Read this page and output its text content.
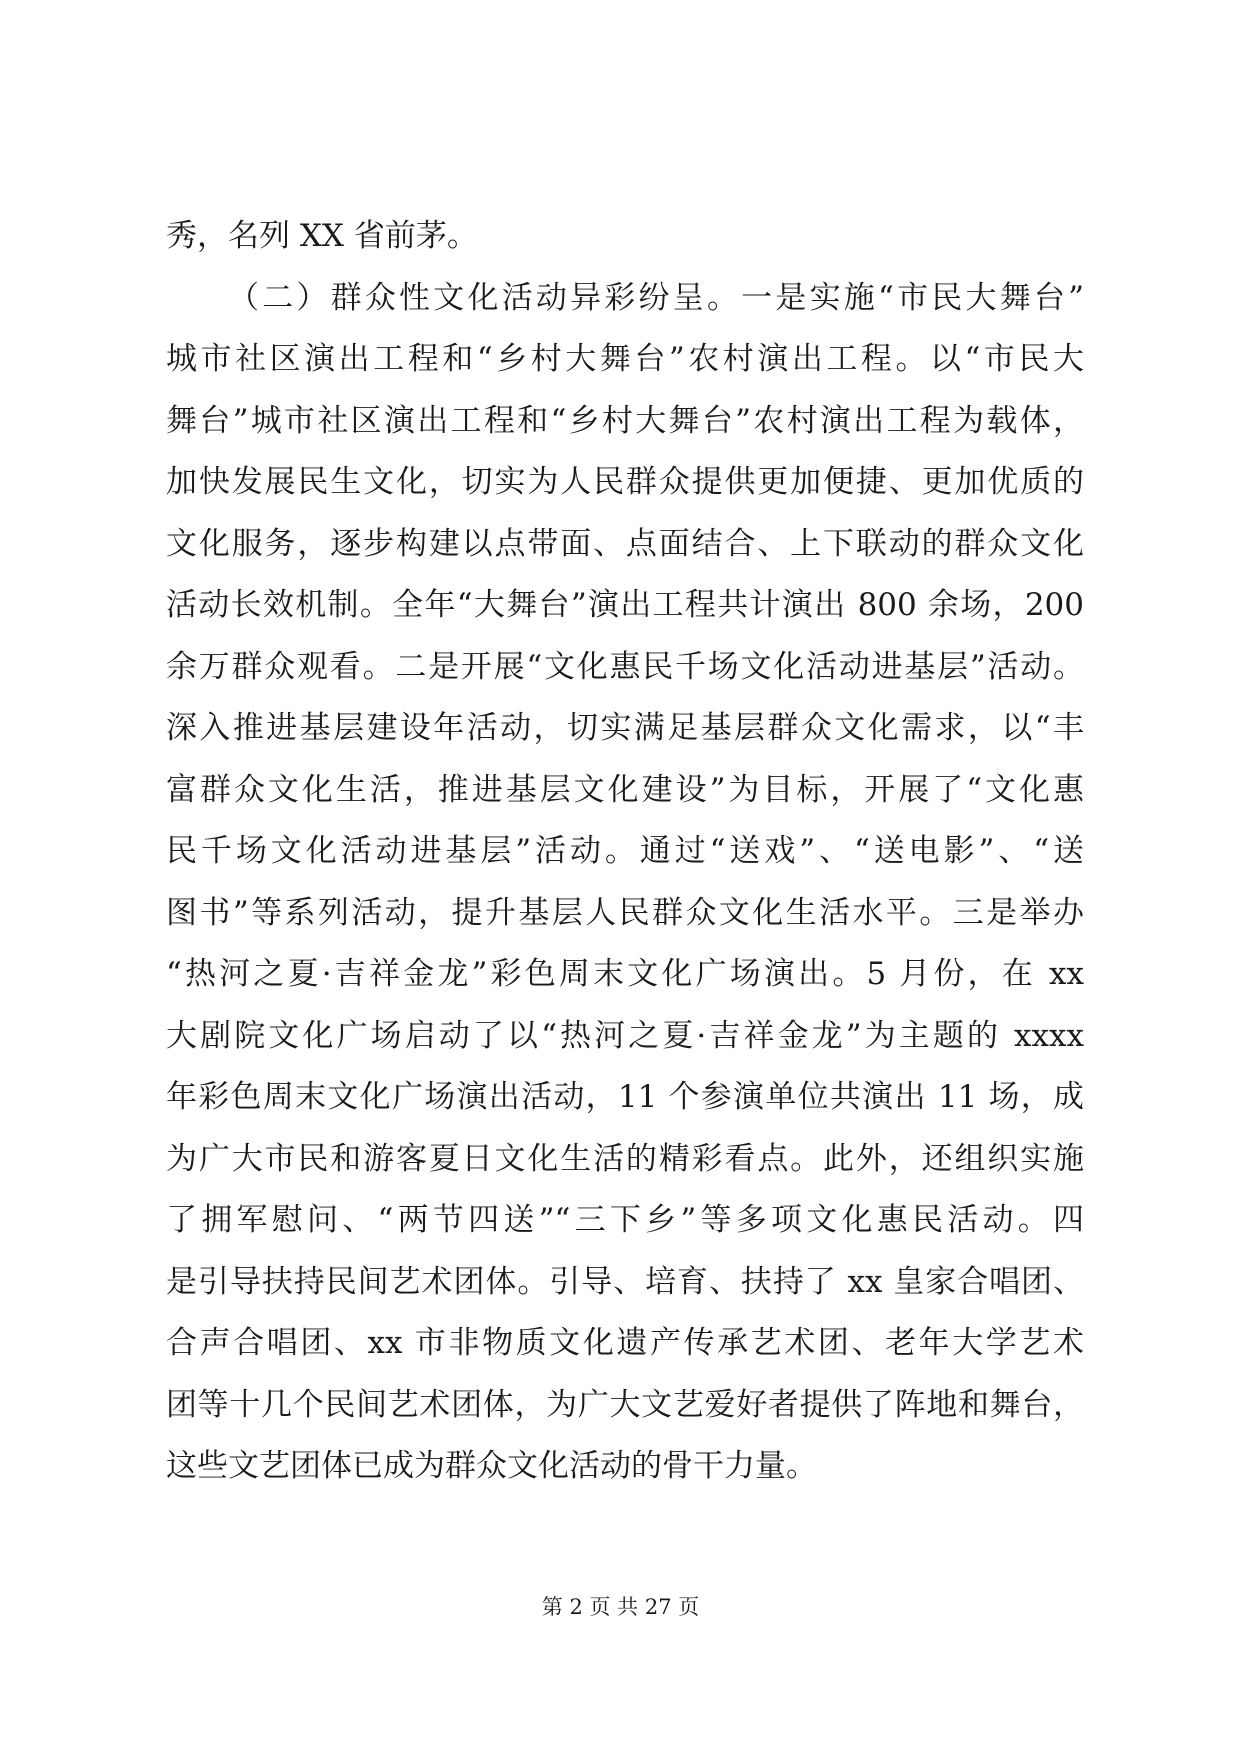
秀，名列 XX 省前茅。
（二）群众性文化活动异彩纷呈。一是实施“市民大舞台”
城市社区演出工程和“乡村大舞台”农村演出工程。以“市民大
舞台”城市社区演出工程和“乡村大舞台”农村演出工程为载体，
加快发展民生文化，切实为人民群众提供更加便捷、更加优质的
文化服务，逐步构建以点带面、点面结合、上下联动的群众文化
活动长效机制。全年“大舞台”演出工程共计演出 800 余场，200
余万群众观看。二是开展“文化惠民千场文化活动进基层”活动。
深入推进基层建设年活动，切实满足基层群众文化需求，以“丰
富群众文化生活，推进基层文化建设”为目标，开展了“文化惠
民千场文化活动进基层”活动。通过“送戏”、“送电影”、“送
图书”等系列活动，提升基层人民群众文化生活水平。三是举办
“热河之夏·吉祥金龙”彩色周末文化广场演出。5 月份，在 xx
大剧院文化广场启动了以“热河之夏·吉祥金龙”为主题的 xxxx
年彩色周末文化广场演出活动，11 个参演单位共演出 11 场，成
为广大市民和游客夏日文化生活的精彩看点。此外，还组织实施
了拥军慰问、“两节四送”“三下乡”等多项文化惠民活动。四
是引导扶持民间艺术团体。引导、培育、扶持了 xx 皇家合唱团、
合声合唱团、xx 市非物质文化遗产传承艺术团、老年大学艺术
团等十几个民间艺术团体，为广大文艺爱好者提供了阵地和舞台，
这些文艺团体已成为群众文化活动的骨干力量。
第 2 页 共 27 页
